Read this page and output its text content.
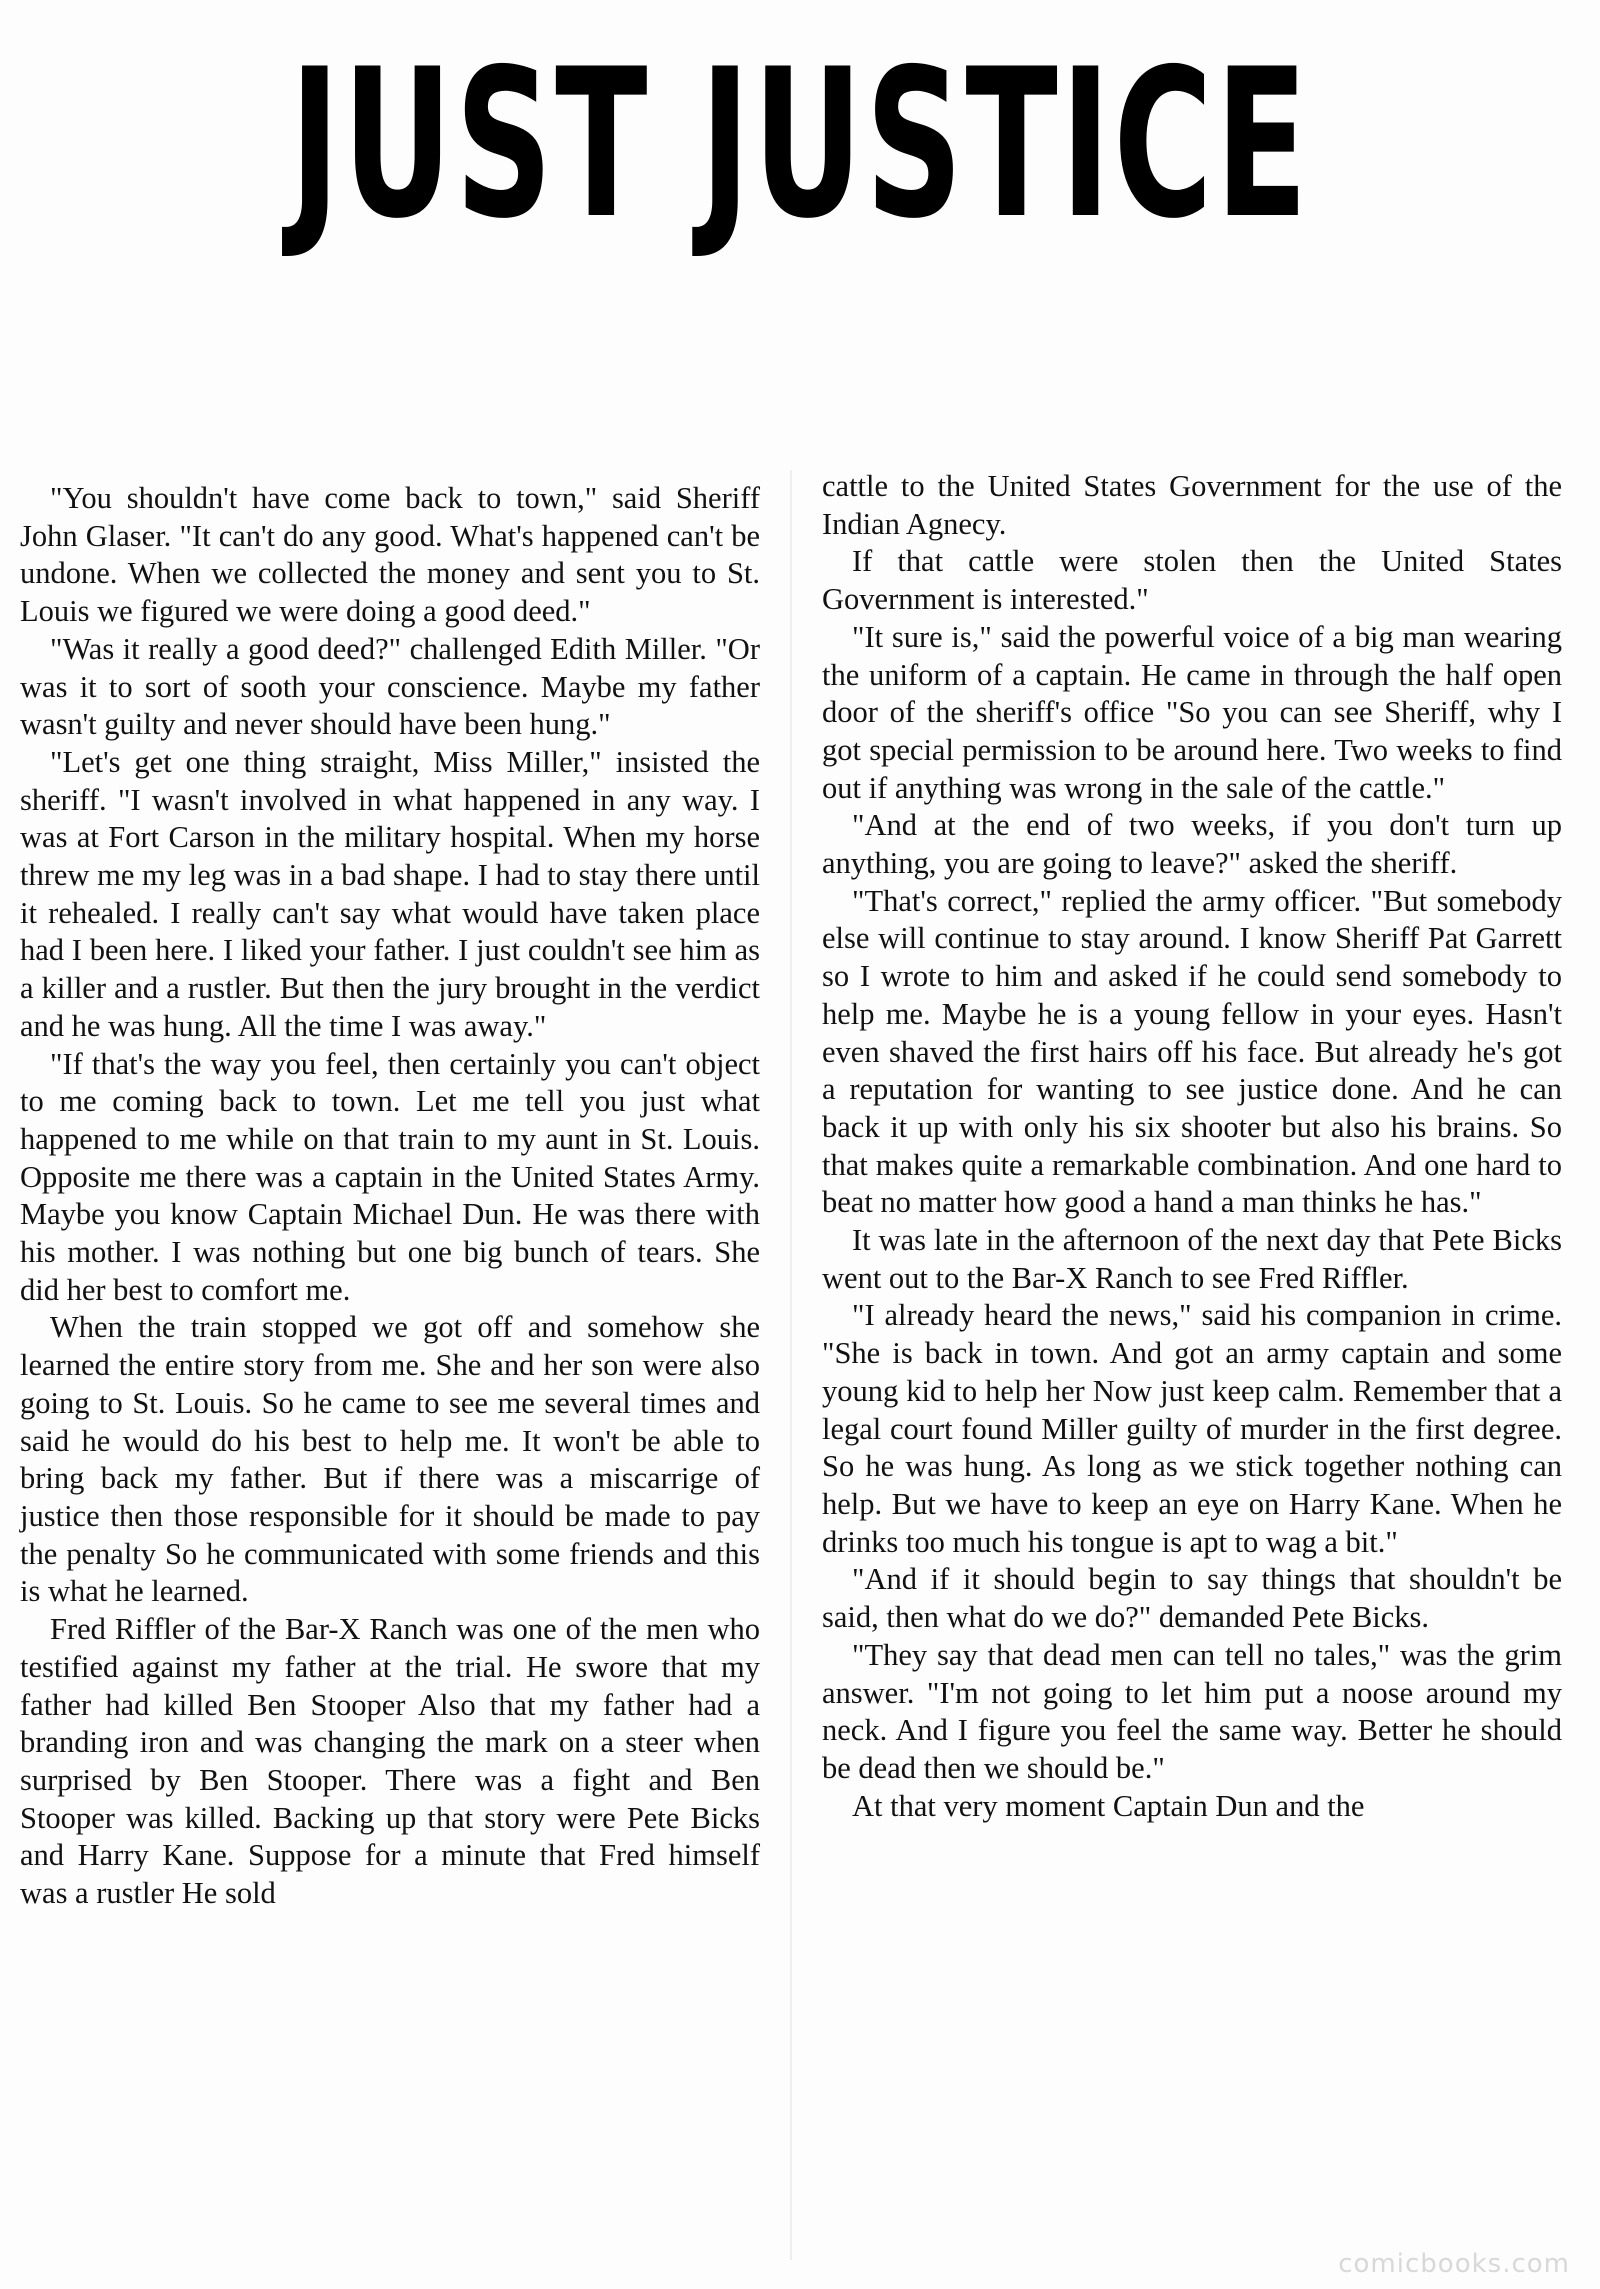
JUST JUSTICE

"You shouldn't have come back to town," said Sheriff John Glaser. "It can't do any good. What's happened can't be undone. When we collected the money and sent you to St. Louis we figured we were doing a good deed."

"Was it really a good deed?" challenged Edith Miller. "Or was it to sort of sooth your conscience. Maybe my father wasn't guilty and never should have been hung."

"Let's get one thing straight, Miss Miller," insisted the sheriff. "I wasn't involved in what happened in any way. I was at Fort Carson in the military hospital. When my horse threw me my leg was in a bad shape. I had to stay there until it rehealed. I really can't say what would have taken place had I been here. I liked your father. I just couldn't see him as a killer and a rustler. But then the jury brought in the verdict and he was hung. All the time I was away."

"If that's the way you feel, then certainly you can't object to me coming back to town. Let me tell you just what happened to me while on that train to my aunt in St. Louis. Opposite me there was a captain in the United States Army. Maybe you know Captain Michael Dun. He was there with his mother. I was nothing but one big bunch of tears. She did her best to comfort me.

When the train stopped we got off and somehow she learned the entire story from me. She and her son were also going to St. Louis. So he came to see me several times and said he would do his best to help me. It won't be able to bring back my father. But if there was a miscarrige of justice then those responsible for it should be made to pay the penalty So he communicated with some friends and this is what he learned.

Fred Riffler of the Bar-X Ranch was one of the men who testified against my father at the trial. He swore that my father had killed Ben Stooper Also that my father had a branding iron and was changing the mark on a steer when surprised by Ben Stooper. There was a fight and Ben Stooper was killed. Backing up that story were Pete Bicks and Harry Kane. Suppose for a minute that Fred himself was a rustler He sold

cattle to the United States Government for the use of the Indian Agnecy.

If that cattle were stolen then the United States Government is interested."

"It sure is," said the powerful voice of a big man wearing the uniform of a captain. He came in through the half open door of the sheriff's office "So you can see Sheriff, why I got special permission to be around here. Two weeks to find out if anything was wrong in the sale of the cattle."

"And at the end of two weeks, if you don't turn up anything, you are going to leave?" asked the sheriff.

"That's correct," replied the army officer. "But somebody else will continue to stay around. I know Sheriff Pat Garrett so I wrote to him and asked if he could send somebody to help me. Maybe he is a young fellow in your eyes. Hasn't even shaved the first hairs off his face. But already he's got a reputation for wanting to see justice done. And he can back it up with only his six shooter but also his brains. So that makes quite a remarkable combination. And one hard to beat no matter how good a hand a man thinks he has."

It was late in the afternoon of the next day that Pete Bicks went out to the Bar-X Ranch to see Fred Riffler.

"I already heard the news," said his companion in crime. "She is back in town. And got an army captain and some young kid to help her Now just keep calm. Remember that a legal court found Miller guilty of murder in the first degree. So he was hung. As long as we stick together nothing can help. But we have to keep an eye on Harry Kane. When he drinks too much his tongue is apt to wag a bit."

"And if it should begin to say things that shouldn't be said, then what do we do?" demanded Pete Bicks.

"They say that dead men can tell no tales," was the grim answer. "I'm not going to let him put a noose around my neck. And I figure you feel the same way. Better he should be dead then we should be."

At that very moment Captain Dun and the

comicbooks.com
